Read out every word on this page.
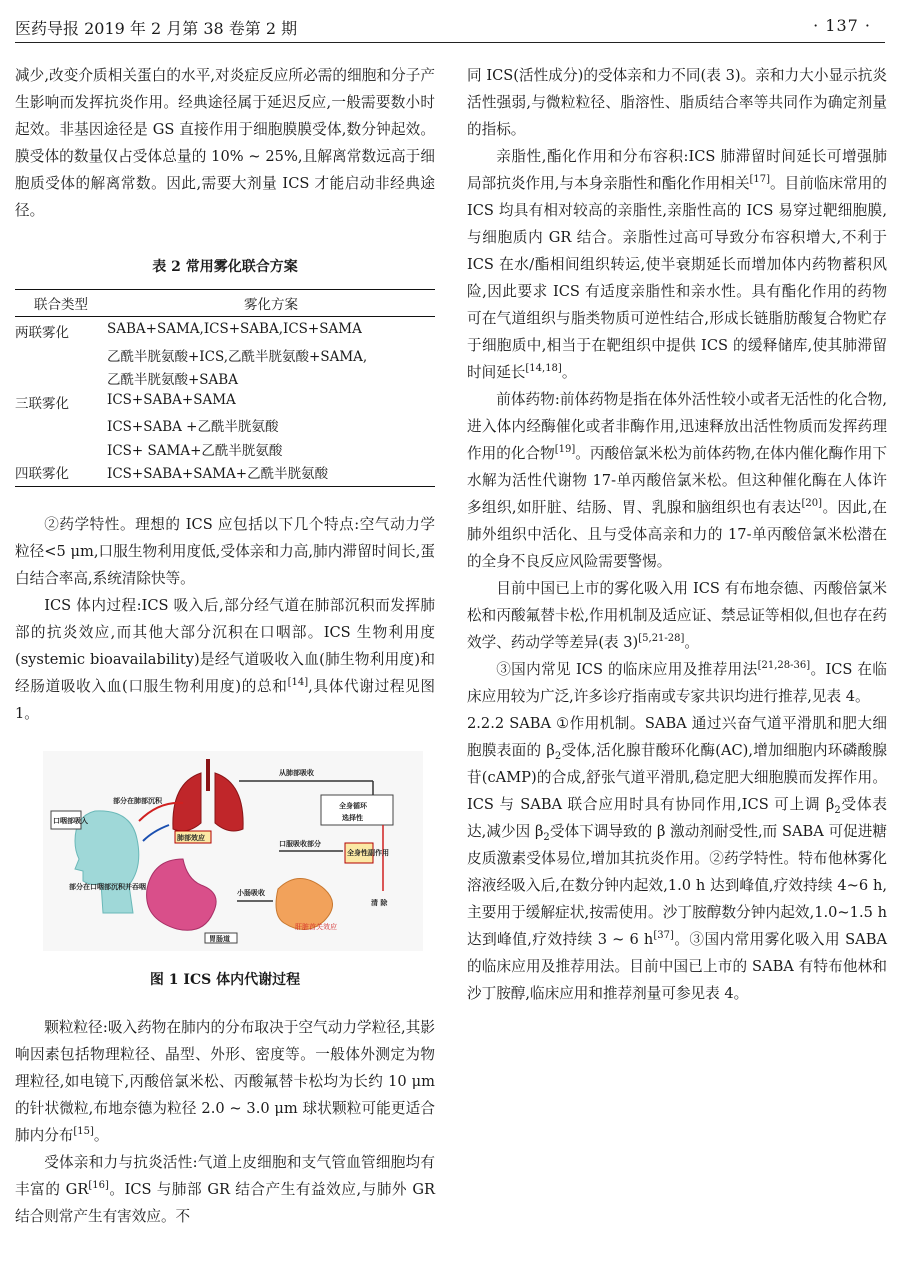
医药导报 2019 年 2 月第 38 卷第 2 期	· 137 ·

减少,改变介质相关蛋白的水平,对炎症反应所必需的细胞和分子产生影响而发挥抗炎作用。经典途径属于延迟反应,一般需要数小时起效。非基因途径是 GS 直接作用于细胞膜膜受体,数分钟起效。膜受体的数量仅占受体总量的 10% ~ 25%,且解离常数远高于细胞质受体的解离常数。因此,需要大剂量 ICS 才能启动非经典途径。

表 2 常用雾化联合方案

联合类型	雾化方案
两联雾化	SABA+SAMA,ICS+SABA,ICS+SAMA
	乙酰半胱氨酸+ICS,乙酰半胱氨酸+SAMA,
	乙酰半胱氨酸+SABA
三联雾化	ICS+SABA+SAMA
	ICS+SABA +乙酰半胱氨酸
	ICS+ SAMA+乙酰半胱氨酸
四联雾化	ICS+SABA+SAMA+乙酰半胱氨酸

②药学特性。理想的 ICS 应包括以下几个特点:空气动力学粒径<5 μm,口服生物利用度低,受体亲和力高,肺内滞留时间长,蛋白结合率高,系统清除快等。

ICS 体内过程:ICS 吸入后,部分经气道在肺部沉积而发挥肺部的抗炎效应,而其他大部分沉积在口咽部。ICS 生物利用度(systemic bioavailability)是经气道吸收入血(肺生物利用度)和经肠道吸收入血(口服生物利用度)的总和[14],具体代谢过程见图 1。

部分在肺部沉积
从肺部吸收
口咽部吸入
肺部效应
全身循环
选择性
口服吸收部分
全身性副作用
部分在口咽部沉积并吞咽
小肠吸收
清 除
肝脏首关效应
胃肠道

图 1 ICS 体内代谢过程

颗粒粒径:吸入药物在肺内的分布取决于空气动力学粒径,其影响因素包括物理粒径、晶型、外形、密度等。一般体外测定为物理粒径,如电镜下,丙酸倍氯米松、丙酸氟替卡松均为长约 10 μm 的针状微粒,布地奈德为粒径 2.0 ~ 3.0 μm 球状颗粒可能更适合肺内分布[15]。

受体亲和力与抗炎活性:气道上皮细胞和支气管血管细胞均有丰富的 GR[16]。ICS 与肺部 GR 结合产生有益效应,与肺外 GR 结合则常产生有害效应。不

同 ICS(活性成分)的受体亲和力不同(表 3)。亲和力大小显示抗炎活性强弱,与微粒粒径、脂溶性、脂质结合率等共同作为确定剂量的指标。

亲脂性,酯化作用和分布容积:ICS 肺滞留时间延长可增强肺局部抗炎作用,与本身亲脂性和酯化作用相关[17]。目前临床常用的 ICS 均具有相对较高的亲脂性,亲脂性高的 ICS 易穿过靶细胞膜,与细胞质内 GR 结合。亲脂性过高可导致分布容积增大,不利于 ICS 在水/酯相间组织转运,使半衰期延长而增加体内药物蓄积风险,因此要求 ICS 有适度亲脂性和亲水性。具有酯化作用的药物可在气道组织与脂类物质可逆性结合,形成长链脂肪酸复合物贮存于细胞质中,相当于在靶组织中提供 ICS 的缓释储库,使其肺滞留时间延长[14,18]。

前体药物:前体药物是指在体外活性较小或者无活性的化合物,进入体内经酶催化或者非酶作用,迅速释放出活性物质而发挥药理作用的化合物[19]。丙酸倍氯米松为前体药物,在体内催化酶作用下水解为活性代谢物 17-单丙酸倍氯米松。但这种催化酶在人体许多组织,如肝脏、结肠、胃、乳腺和脑组织也有表达[20]。因此,在肺外组织中活化、且与受体高亲和力的 17-单丙酸倍氯米松潜在的全身不良反应风险需要警惕。

目前中国已上市的雾化吸入用 ICS 有布地奈德、丙酸倍氯米松和丙酸氟替卡松,作用机制及适应证、禁忌证等相似,但也存在药效学、药动学等差异(表 3)[5,21-28]。

③国内常见 ICS 的临床应用及推荐用法[21,28-36]。ICS 在临床应用较为广泛,许多诊疗指南或专家共识均进行推荐,见表 4。

2.2.2 SABA ①作用机制。SABA 通过兴奋气道平滑肌和肥大细胞膜表面的 $\beta_2$受体,活化腺苷酸环化酶(AC),增加细胞内环磷酸腺苷(cAMP)的合成,舒张气道平滑肌,稳定肥大细胞膜而发挥作用。ICS 与 SABA 联合应用时具有协同作用,ICS 可上调 $\beta_2$受体表达,减少因 $\beta_2$受体下调导致的 β 激动剂耐受性,而 SABA 可促进糖皮质激素受体易位,增加其抗炎作用。②药学特性。特布他林雾化溶液经吸入后,在数分钟内起效,1.0 h 达到峰值,疗效持续 4~6 h,主要用于缓解症状,按需使用。沙丁胺醇数分钟内起效,1.0~1.5 h 达到峰值,疗效持续 3 ~ 6 h[37]。③国内常用雾化吸入用 SABA 的临床应用及推荐用法。目前中国已上市的 SABA 有特布他林和沙丁胺醇,临床应用和推荐剂量可参见表 4。
